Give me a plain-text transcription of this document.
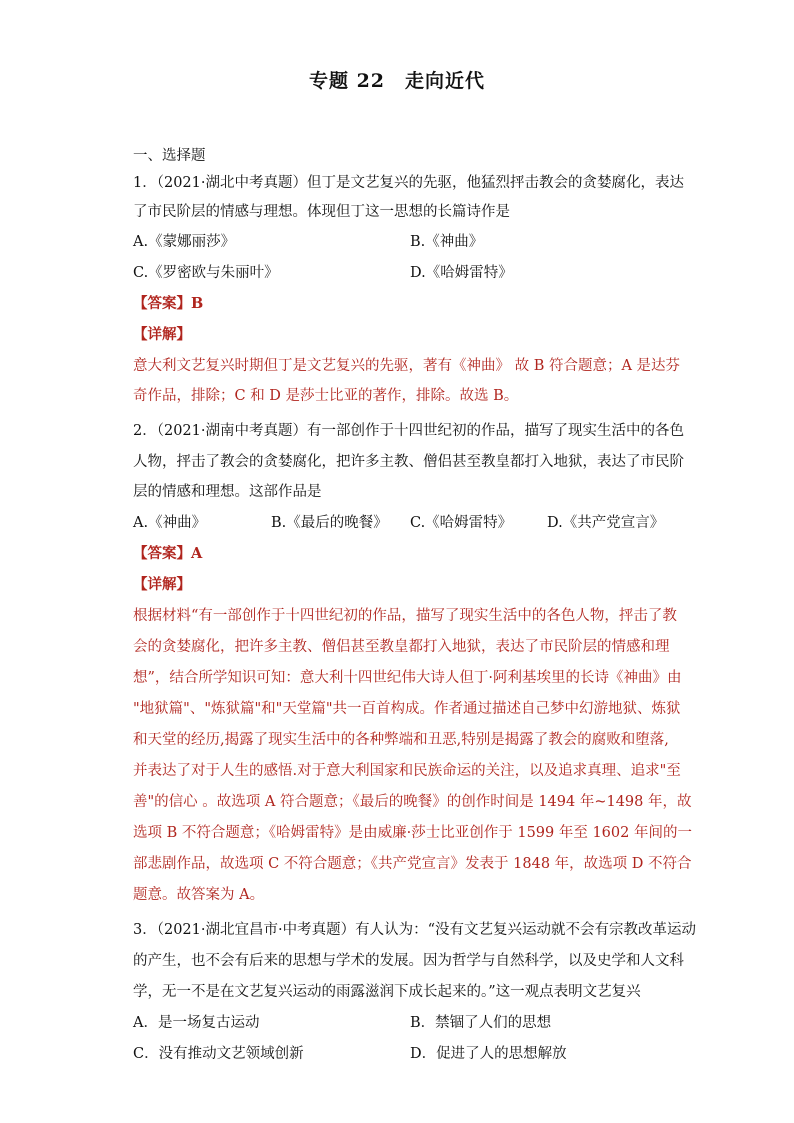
专题 22　走向近代
一、选择题
1．（2021·湖北中考真题）但丁是文艺复兴的先驱，他猛烈抨击教会的贪婪腐化，表达
了市民阶层的情感与理想。体现但丁这一思想的长篇诗作是
A.《蒙娜丽莎》	B.《神曲》
C.《罗密欧与朱丽叶》	D.《哈姆雷特》
【答案】B
【详解】
意大利文艺复兴时期但丁是文艺复兴的先驱，著有《神曲》 故 B 符合题意；A 是达芬
奇作品，排除；C 和 D 是莎士比亚的著作，排除。故选 B。
2．（2021·湖南中考真题）有一部创作于十四世纪初的作品，描写了现实生活中的各色
人物，抨击了教会的贪婪腐化，把许多主教、僧侣甚至教皇都打入地狱，表达了市民阶
层的情感和理想。这部作品是
A.《神曲》	B.《最后的晚餐》 C.《哈姆雷特》 D.《共产党宣言》
【答案】A
【详解】
根据材料“有一部创作于十四世纪初的作品，描写了现实生活中的各色人物，抨击了教
会的贪婪腐化，把许多主教、僧侣甚至教皇都打入地狱，表达了市民阶层的情感和理
想”，结合所学知识可知：意大利十四世纪伟大诗人但丁·阿利基埃里的长诗《神曲》由
"地狱篇"、"炼狱篇"和"天堂篇"共一百首构成。作者通过描述自己梦中幻游地狱、炼狱
和天堂的经历,揭露了现实生活中的各种弊端和丑恶,特别是揭露了教会的腐败和堕落,
并表达了对于人生的感悟.对于意大利国家和民族命运的关注，以及追求真理、追求"至
善"的信心 。故选项 A 符合题意；《最后的晚餐》的创作时间是 1494 年~1498 年，故
选项 B 不符合题意；《哈姆雷特》是由威廉·莎士比亚创作于 1599 年至 1602 年间的一
部悲剧作品，故选项 C 不符合题意；《共产党宣言》发表于 1848 年，故选项 D 不符合
题意。故答案为 A。
3．（2021·湖北宜昌市·中考真题）有人认为：“没有文艺复兴运动就不会有宗教改革运动
的产生，也不会有后来的思想与学术的发展。因为哲学与自然科学，以及史学和人文科
学，无一不是在文艺复兴运动的雨露滋润下成长起来的。”这一观点表明文艺复兴
A．是一场复古运动	B．禁锢了人们的思想
C．没有推动文艺领域创新	D．促进了人的思想解放
